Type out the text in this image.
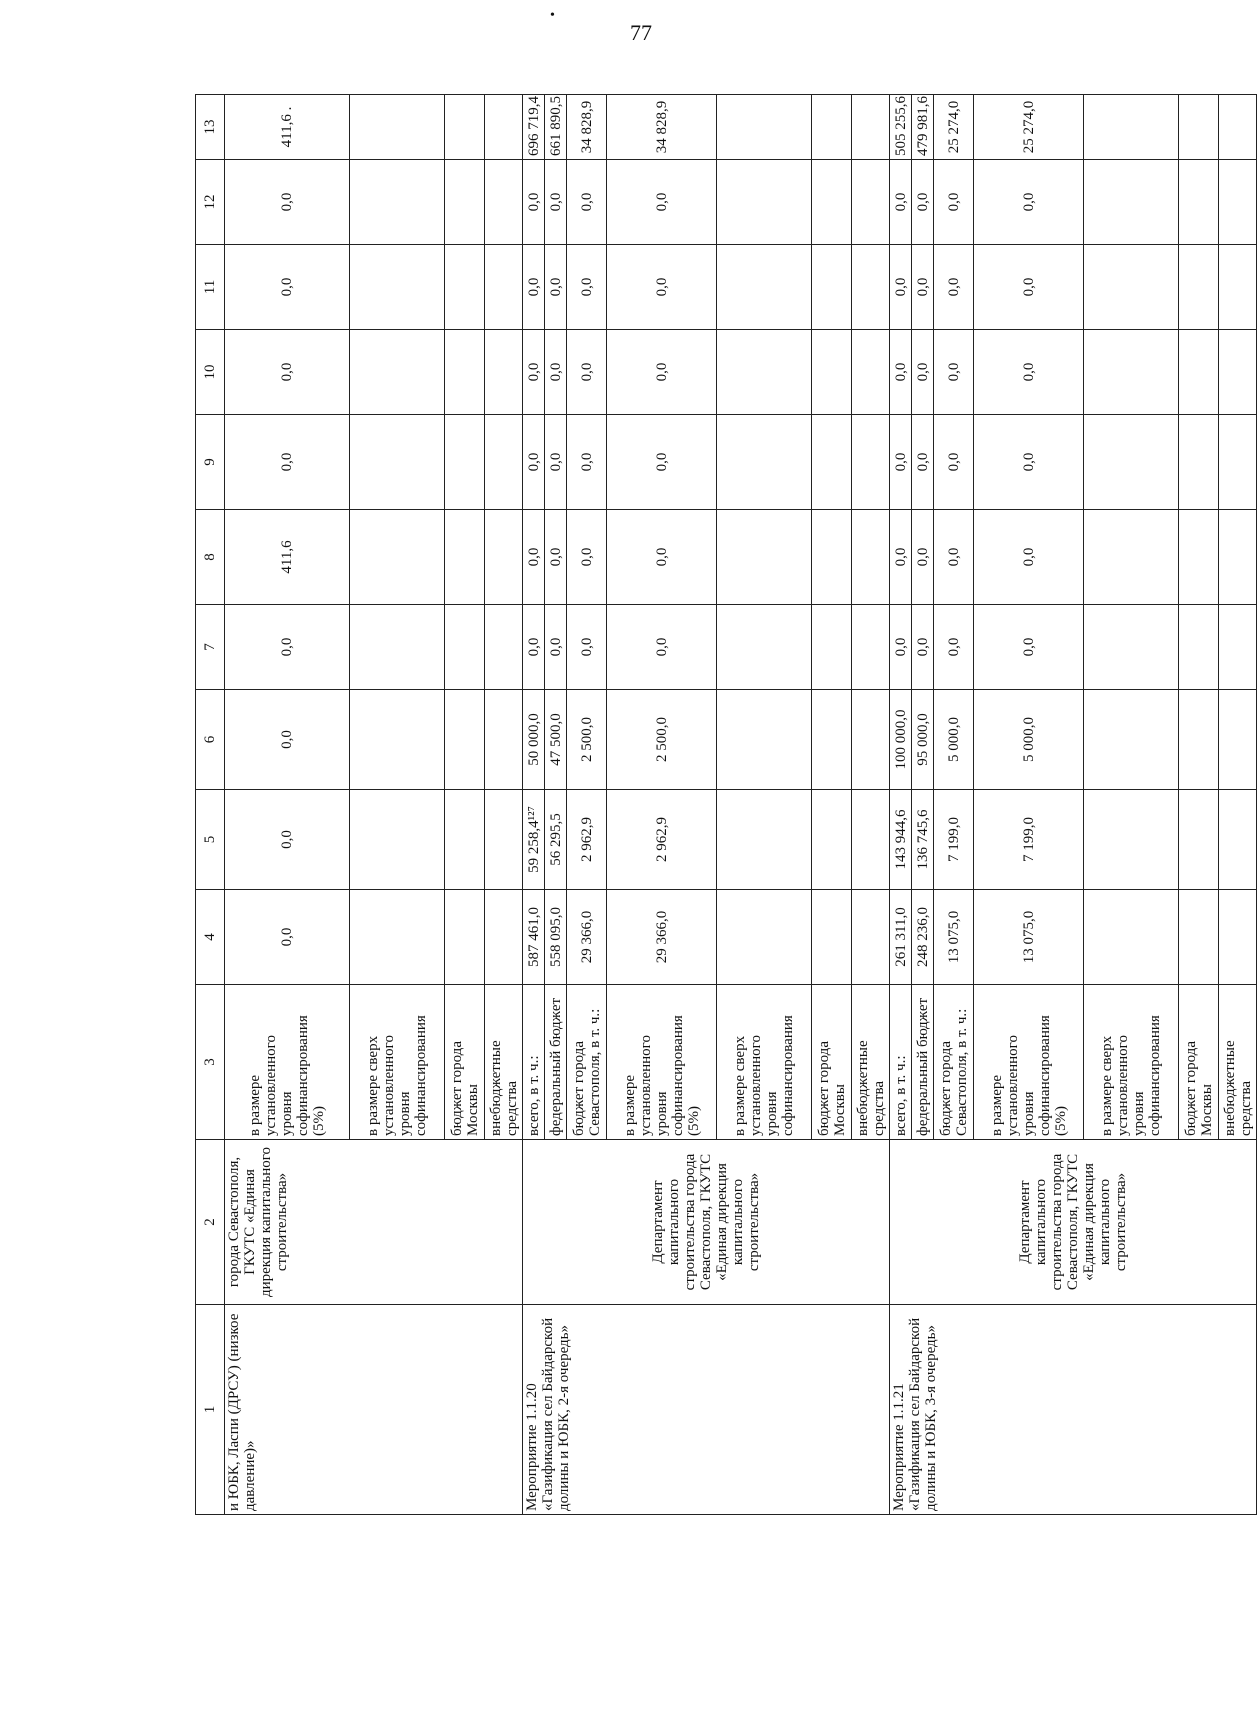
•
77
1	2	3	4	5	6	7	8	9	10	11	12	13
и ЮБК, Ласпи (ДРСУ) (низкое давление)»	города Севастополя, ГКУТС «Единая дирекция капитального строительства»	в размере установленного уровня софинансирования (5%)	0,0	0,0	0,0	0,0	411,6	0,0	0,0	0,0	0,0	411,6 .
		в размере сверх установленного уровня софинансирования										
		бюджет города Москвы										
		внебюджетные средства										
Мероприятие 1.1.20 «Газификация сел Байдарской долины и ЮБК, 2-я очередь»	Департамент капитального строительства города Севастополя, ГКУТС «Единая дирекция капитального строительства»	всего, в т. ч.:	587 461,0	59 258,4¹²⁷	50 000,0	0,0	0,0	0,0	0,0	0,0	0,0	696 719,4
		федеральный бюджет	558 095,0	56 295,5	47 500,0	0,0	0,0	0,0	0,0	0,0	0,0	661 890,5
		бюджет города Севастополя, в т. ч.:	29 366,0	2 962,9	2 500,0	0,0	0,0	0,0	0,0	0,0	0,0	34 828,9
		в размере установленного уровня софинансирования (5%)	29 366,0	2 962,9	2 500,0	0,0	0,0	0,0	0,0	0,0	0,0	34 828,9
		в размере сверх установленного уровня софинансирования										
		бюджет города Москвы										
		внебюджетные средства										
Мероприятие 1.1.21 «Газификация сел Байдарской долины и ЮБК, 3-я очередь»	Департамент капитального строительства города Севастополя, ГКУТС «Единая дирекция капитального строительства»	всего, в т. ч.:	261 311,0	143 944,6	100 000,0	0,0	0,0	0,0	0,0	0,0	0,0	505 255,6
		федеральный бюджет	248 236,0	136 745,6	95 000,0	0,0	0,0	0,0	0,0	0,0	0,0	479 981,6
		бюджет города Севастополя, в т. ч.:	13 075,0	7 199,0	5 000,0	0,0	0,0	0,0	0,0	0,0	0,0	25 274,0
		в размере установленного уровня софинансирования (5%)	13 075,0	7 199,0	5 000,0	0,0	0,0	0,0	0,0	0,0	0,0	25 274,0
		в размере сверх установленного уровня софинансирования										
		бюджет города Москвы										
		внебюджетные средства										
